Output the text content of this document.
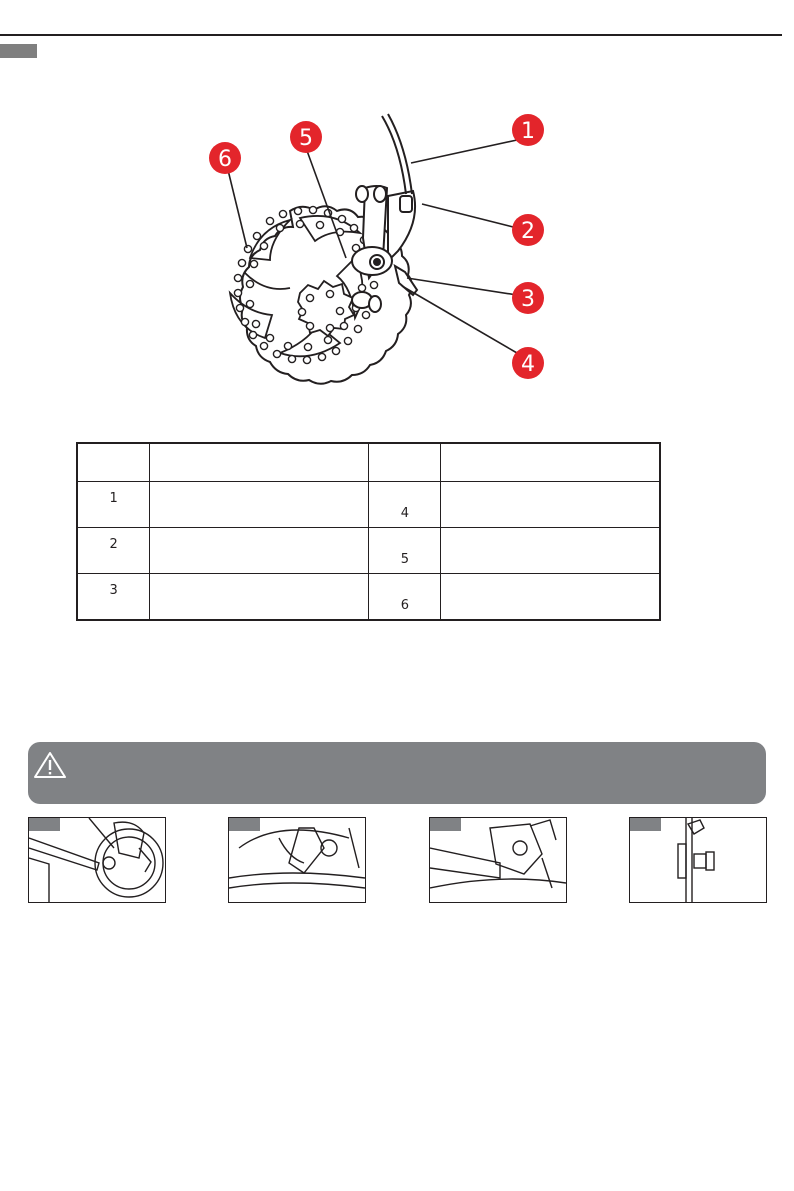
1
2
3
4
5
6

1		4	
2		5	
3		6	
